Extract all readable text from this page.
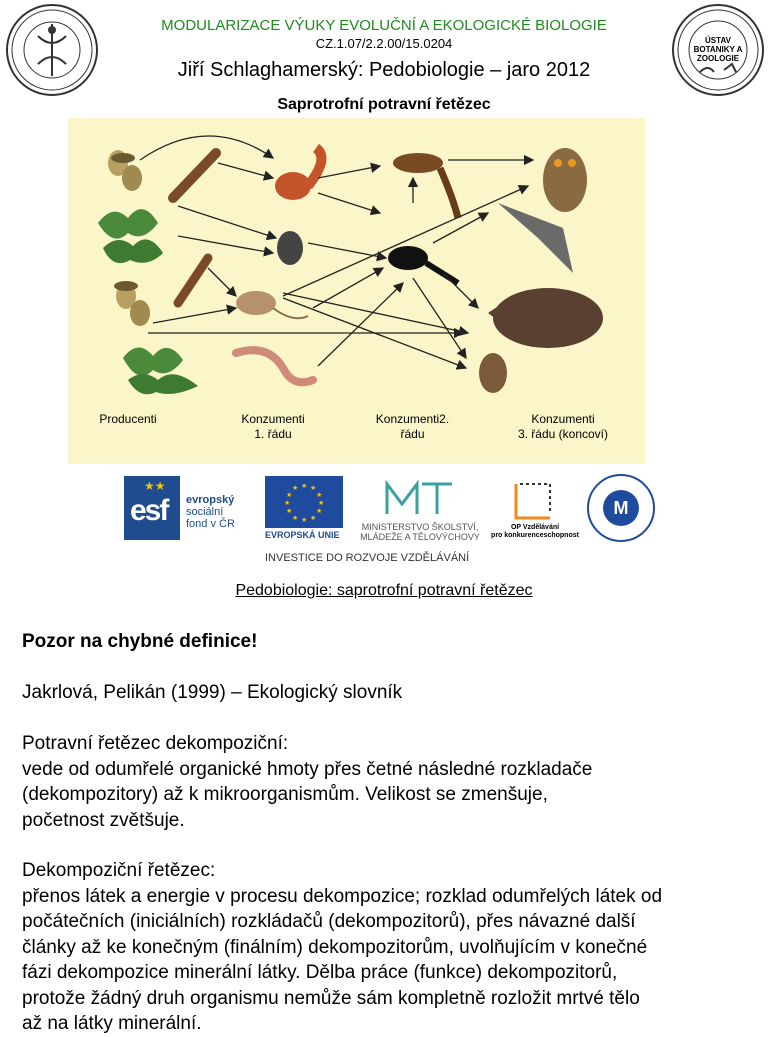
ÚSTAV
BOTANIKY A
ZOOLOGIE
MODULARIZACE VÝUKY EVOLUČNÍ A EKOLOGICKÉ BIOLOGIE
CZ.1.07/2.2.00/15.0204
Jiří Schlaghamerský: Pedobiologie – jaro 2012
Saprotrofní potravní řetězec
Producenti	Konzumenti
1. řádu
Konzumenti2.
řádu
Konzumenti
3. řádu (koncoví)
esf
★★
evropský
sociální
fond v ČR
★ ★
★
★
★
★
★
★
★
★
★
★
EVROPSKÁ UNIE
MINISTERSTVO ŠKOLSTVÍ,
MLÁDEŽE A TĚLOVÝCHOVY
OP Vzdělávání
pro konkurenceschopnost
M
INVESTICE DO ROZVOJE VZDĚLÁVÁNÍ
Pedobiologie: saprotrofní potravní řetězec
Pozor na chybné definice!
Jakrlová, Pelikán (1999) – Ekologický slovník
Potravní řetězec dekompoziční:
vede od odumřelé organické hmoty přes četné následné rozkladače
(dekompozitory) až k mikroorganismům. Velikost se zmenšuje,
početnost zvětšuje.
Dekompoziční řetězec:
přenos látek a energie v procesu dekompozice; rozklad odumřelých látek od
počátečních (iniciálních) rozkládačů (dekompozitorů), přes návazné další
články až ke konečným (finálním) dekompozitorům, uvolňujícím v konečné
fázi dekompozice minerální látky. Dělba práce (funkce) dekompozitorů,
protože žádný druh organismu nemůže sám kompletně rozložit mrtvé tělo
až na látky minerální.
